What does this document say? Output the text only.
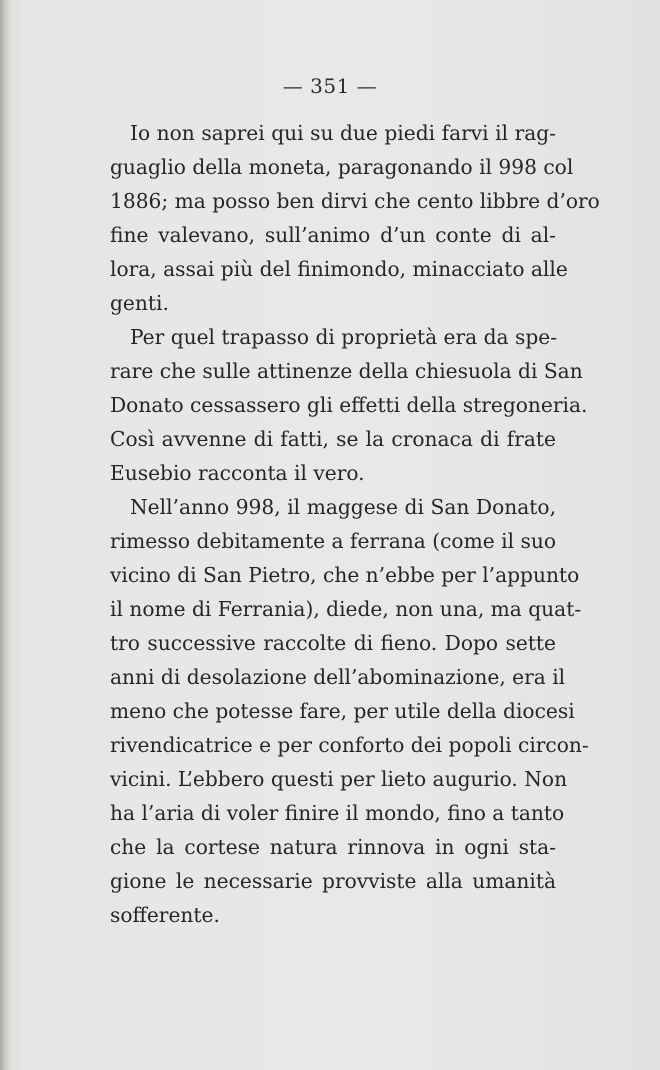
— 351 —
Io non saprei qui su due piedi farvi il rag-
guaglio della moneta, paragonando il 998 col
1886; ma posso ben dirvi che cento libbre d’oro
fine valevano, sull’animo d’un conte di al-
lora, assai più del finimondo, minacciato alle
genti.
Per quel trapasso di proprietà era da spe-
rare che sulle attinenze della chiesuola di San
Donato cessassero gli effetti della stregoneria.
Così avvenne di fatti, se la cronaca di frate
Eusebio racconta il vero.
Nell’anno 998, il maggese di San Donato,
rimesso debitamente a ferrana (come il suo
vicino di San Pietro, che n’ebbe per l’appunto
il nome di Ferrania), diede, non una, ma quat-
tro successive raccolte di fieno. Dopo sette
anni di desolazione dell’abominazione, era il
meno che potesse fare, per utile della diocesi
rivendicatrice e per conforto dei popoli circon-
vicini. L’ebbero questi per lieto augurio. Non
ha l’aria di voler finire il mondo, fino a tanto
che la cortese natura rinnova in ogni sta-
gione le necessarie provviste alla umanità
sofferente.
